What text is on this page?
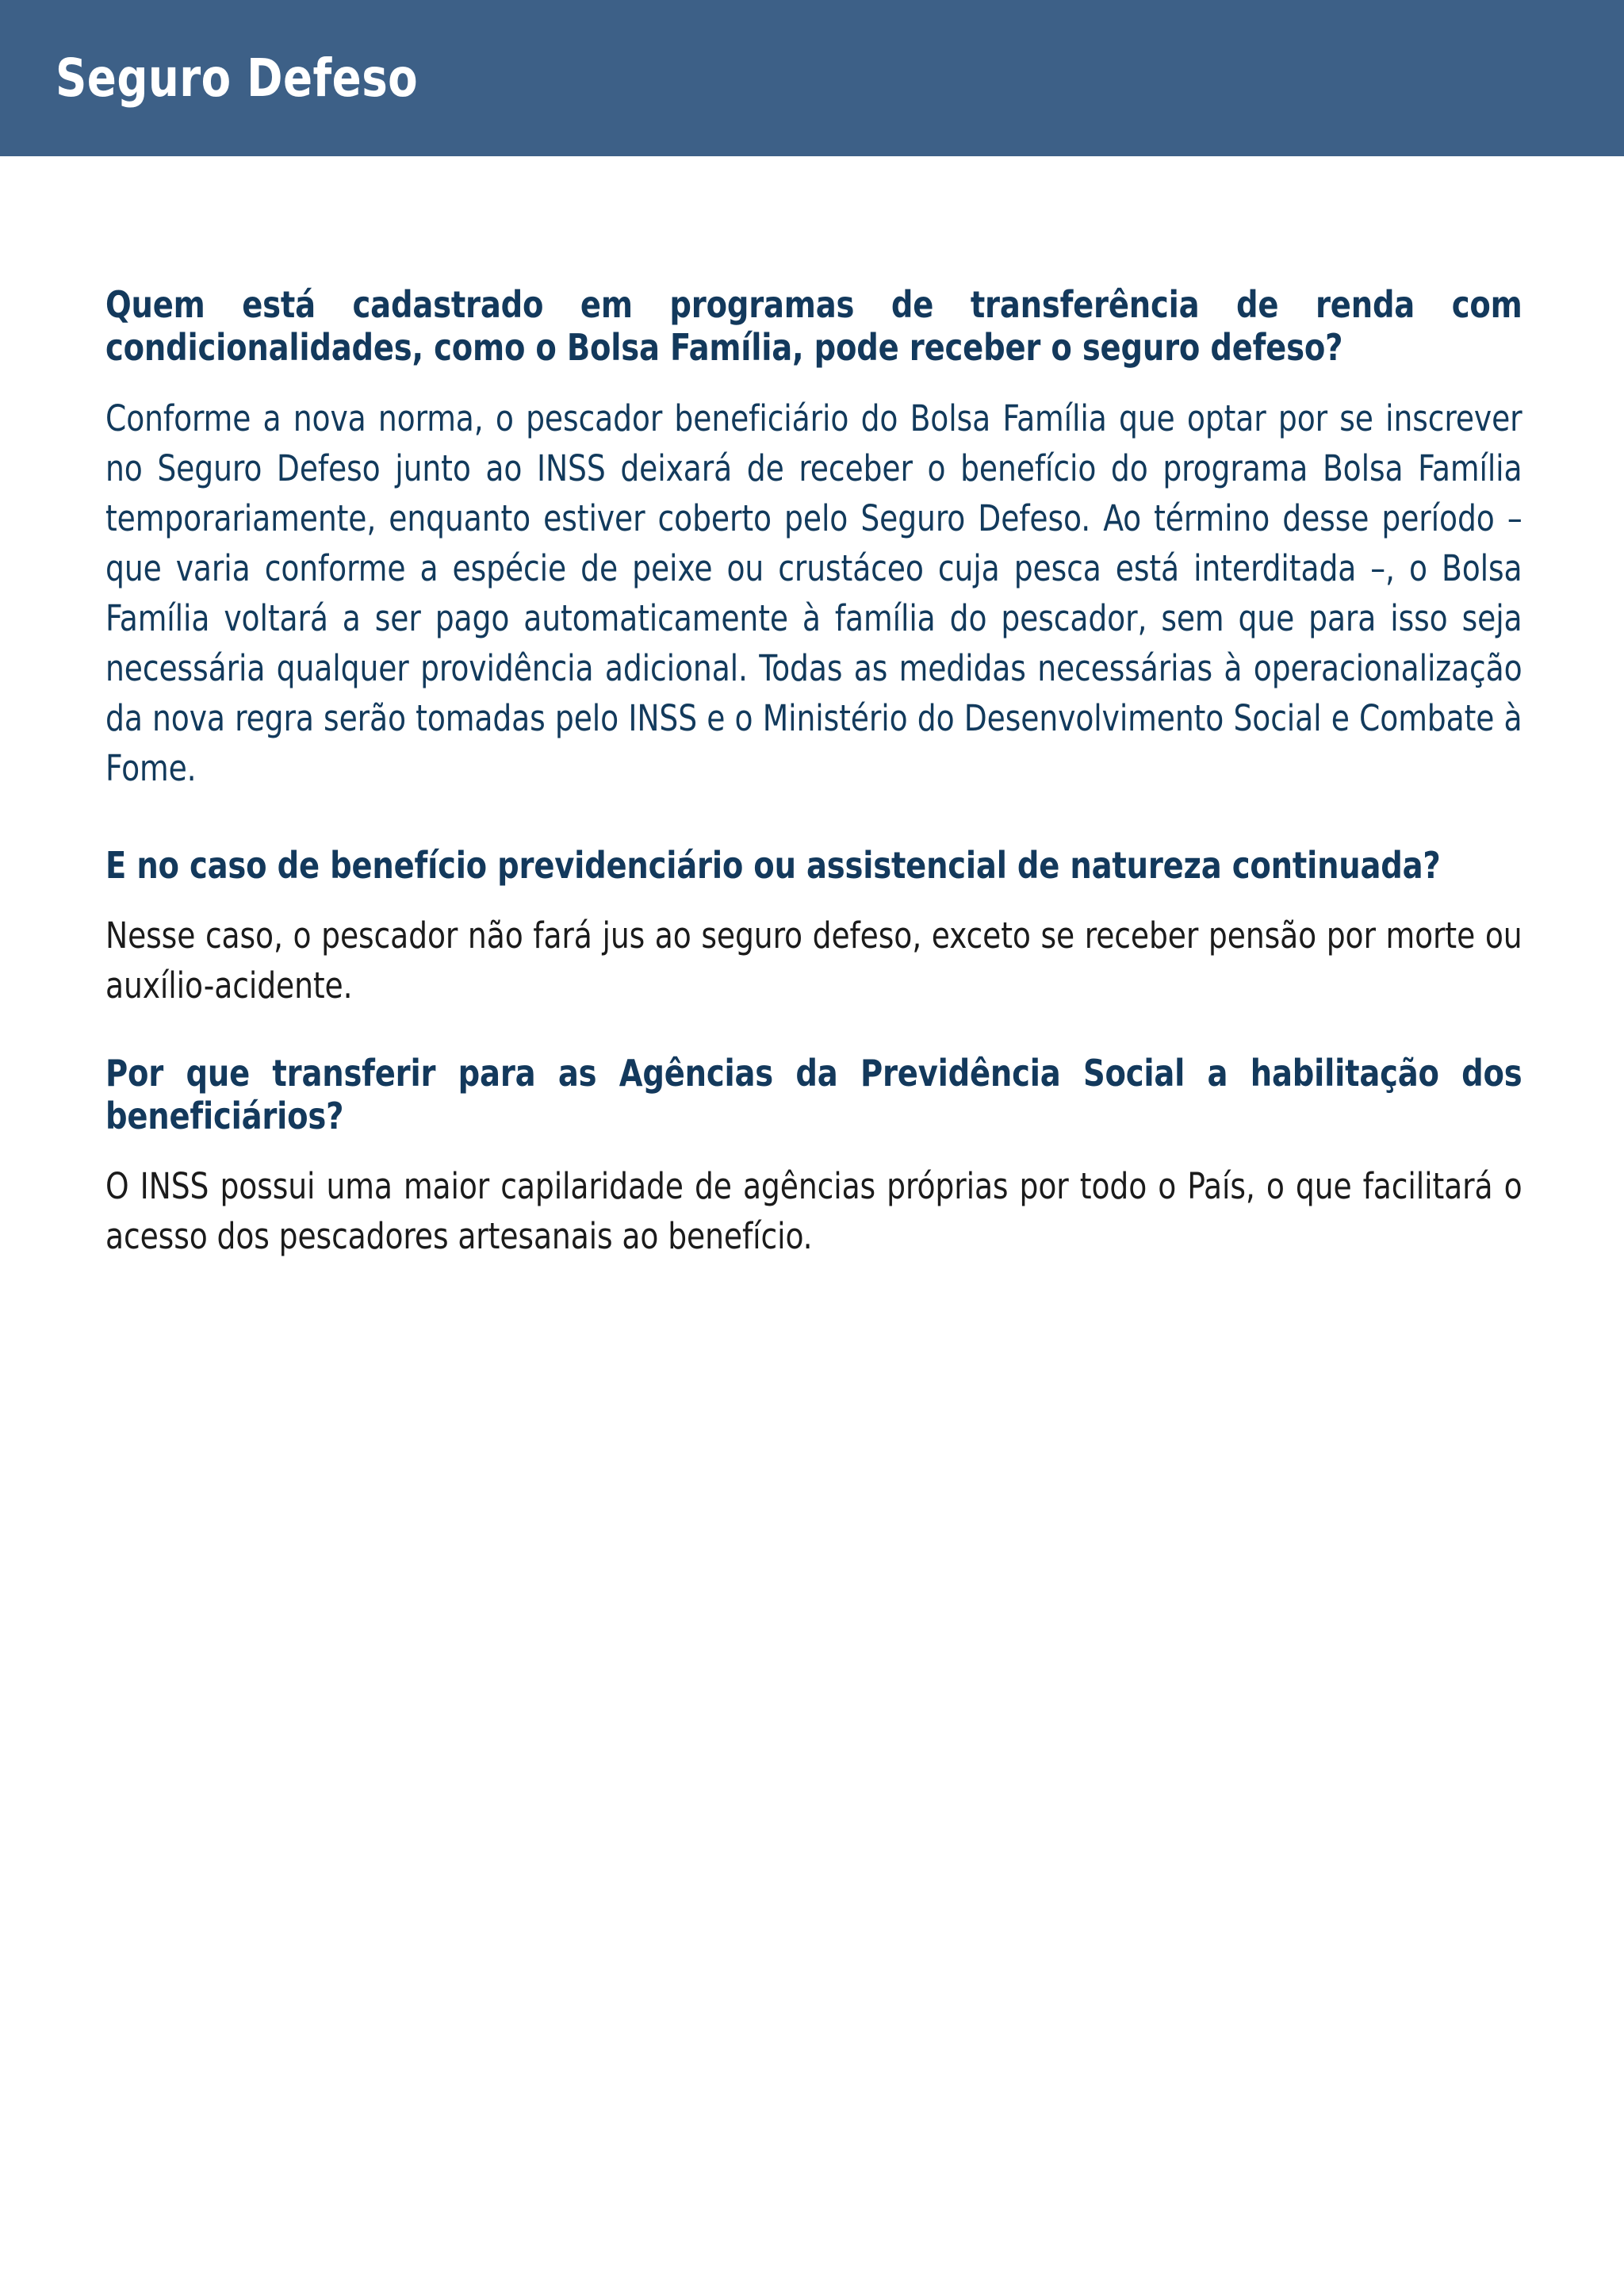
Seguro Defeso
Quem está cadastrado em programas de transferência de renda com condicionalidades, como o Bolsa Família, pode receber o seguro defeso?

Conforme a nova norma, o pescador beneficiário do Bolsa Família que optar por se inscrever no Seguro Defeso junto ao INSS deixará de receber o benefício do programa Bolsa Família temporariamente, enquanto estiver coberto pelo Seguro Defeso. Ao término desse período – que varia conforme a espécie de peixe ou crustáceo cuja pesca está interditada –, o Bolsa Família voltará a ser pago automaticamente à família do pescador, sem que para isso seja necessária qualquer providência adicional. Todas as medidas necessárias à operacionalização da nova regra serão tomadas pelo INSS e o Ministério do Desenvolvimento Social e Combate à Fome.

E no caso de benefício previdenciário ou assistencial de natureza continuada?

Nesse caso, o pescador não fará jus ao seguro defeso, exceto se receber pensão por morte ou auxílio-acidente.

Por que transferir para as Agências da Previdência Social a habilitação dos beneficiários?

O INSS possui uma maior capilaridade de agências próprias por todo o País, o que facilitará o acesso dos pescadores artesanais ao benefício.
